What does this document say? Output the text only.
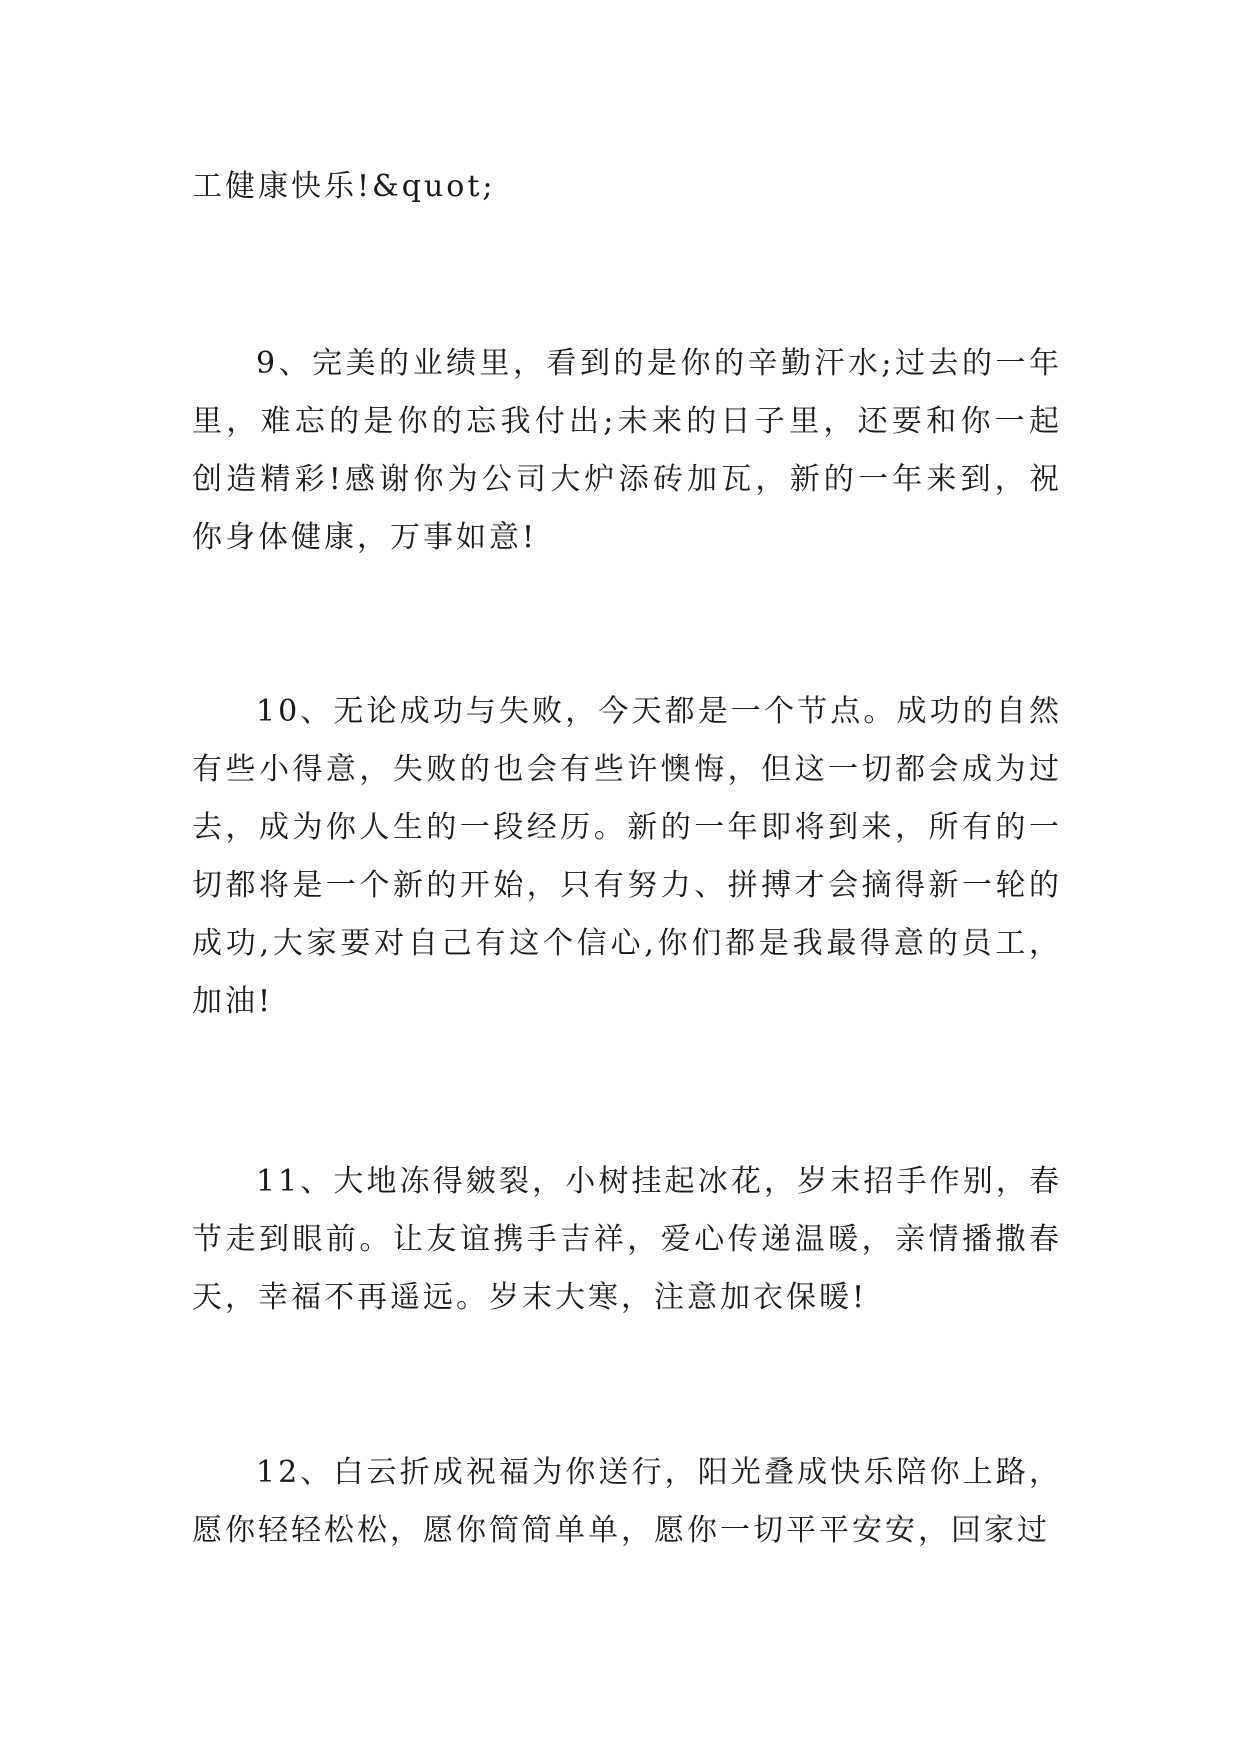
工健康快乐!&quot;

9、完美的业绩里，看到的是你的辛勤汗水;过去的一年里，难忘的是你的忘我付出;未来的日子里，还要和你一起创造精彩!感谢你为公司大炉添砖加瓦，新的一年来到，祝你身体健康，万事如意!

10、无论成功与失败，今天都是一个节点。成功的自然有些小得意，失败的也会有些许懊悔，但这一切都会成为过去，成为你人生的一段经历。新的一年即将到来，所有的一切都将是一个新的开始，只有努力、拼搏才会摘得新一轮的成功,大家要对自己有这个信心,你们都是我最得意的员工，加油!

11、大地冻得皴裂，小树挂起冰花，岁末招手作别，春节走到眼前。让友谊携手吉祥，爱心传递温暖，亲情播撒春天，幸福不再遥远。岁末大寒，注意加衣保暖!

12、白云折成祝福为你送行，阳光叠成快乐陪你上路，愿你轻轻松松，愿你简简单单，愿你一切平平安安，回家过
